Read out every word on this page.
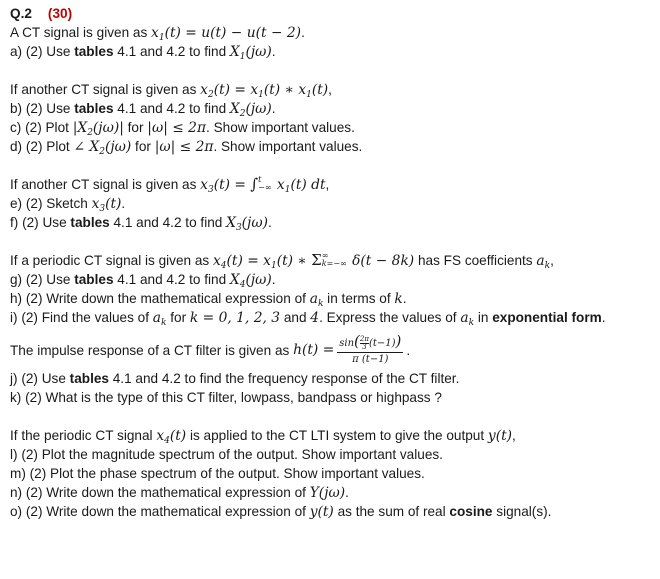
Q.2 (30)
A CT signal is given as $x_1(t) = u(t) - u(t - 2)$.
a) (2) Use tables 4.1 and 4.2 to find $X_1(j\omega)$.
If another CT signal is given as $x_2(t) = x_1(t)$ ∗ $x_1(t)$,
b) (2) Use tables 4.1 and 4.2 to find $X_2(j\omega)$.
c) (2) Plot $|X_2(j\omega)|$ for |ω| ≤ 2π. Show important values.
d) (2) Plot ∠ $X_2(j\omega)$ for |ω| ≤ 2π. Show important values.
If another CT signal is given as $x_3(t)$ = ∫ t
−∞ $x_1(t)$ dt,
e) (2) Sketch $x_3(t)$.
f) (2) Use tables 4.1 and 4.2 to find $X_3(j\omega)$.
If a periodic CT signal is given as $x_4(t) = x_1(t)$ ∗ Σ ∞
k=−∞ δ(t − 8k) has FS coefficients $a_k$,
g) (2) Use tables 4.1 and 4.2 to find $X_4(j\omega)$.
h) (2) Write down the mathematical expression of $a_k$ in terms of k.
i) (2) Find the values of $a_k$ for k = 0, 1, 2, 3 and 4. Express the values of $a_k$ in exponential form.
The impulse response of a CT filter is given as
$h(t) = \frac{\sin( \frac{2\pi}{3} (t-1))}{\pi (t-1)}$ .
j) (2) Use tables 4.1 and 4.2 to find the frequency response of the CT filter.
k) (2) What is the type of this CT filter, lowpass, bandpass or highpass ?
If the periodic CT signal $x_4(t)$ is applied to the CT LTI system to give the output y(t),
l) (2) Plot the magnitude spectrum of the output. Show important values.
m) (2) Plot the phase spectrum of the output. Show important values.
n) (2) Write down the mathematical expression of Y(jω).
o) (2) Write down the mathematical expression of y(t) as the sum of real cosine signal(s).
